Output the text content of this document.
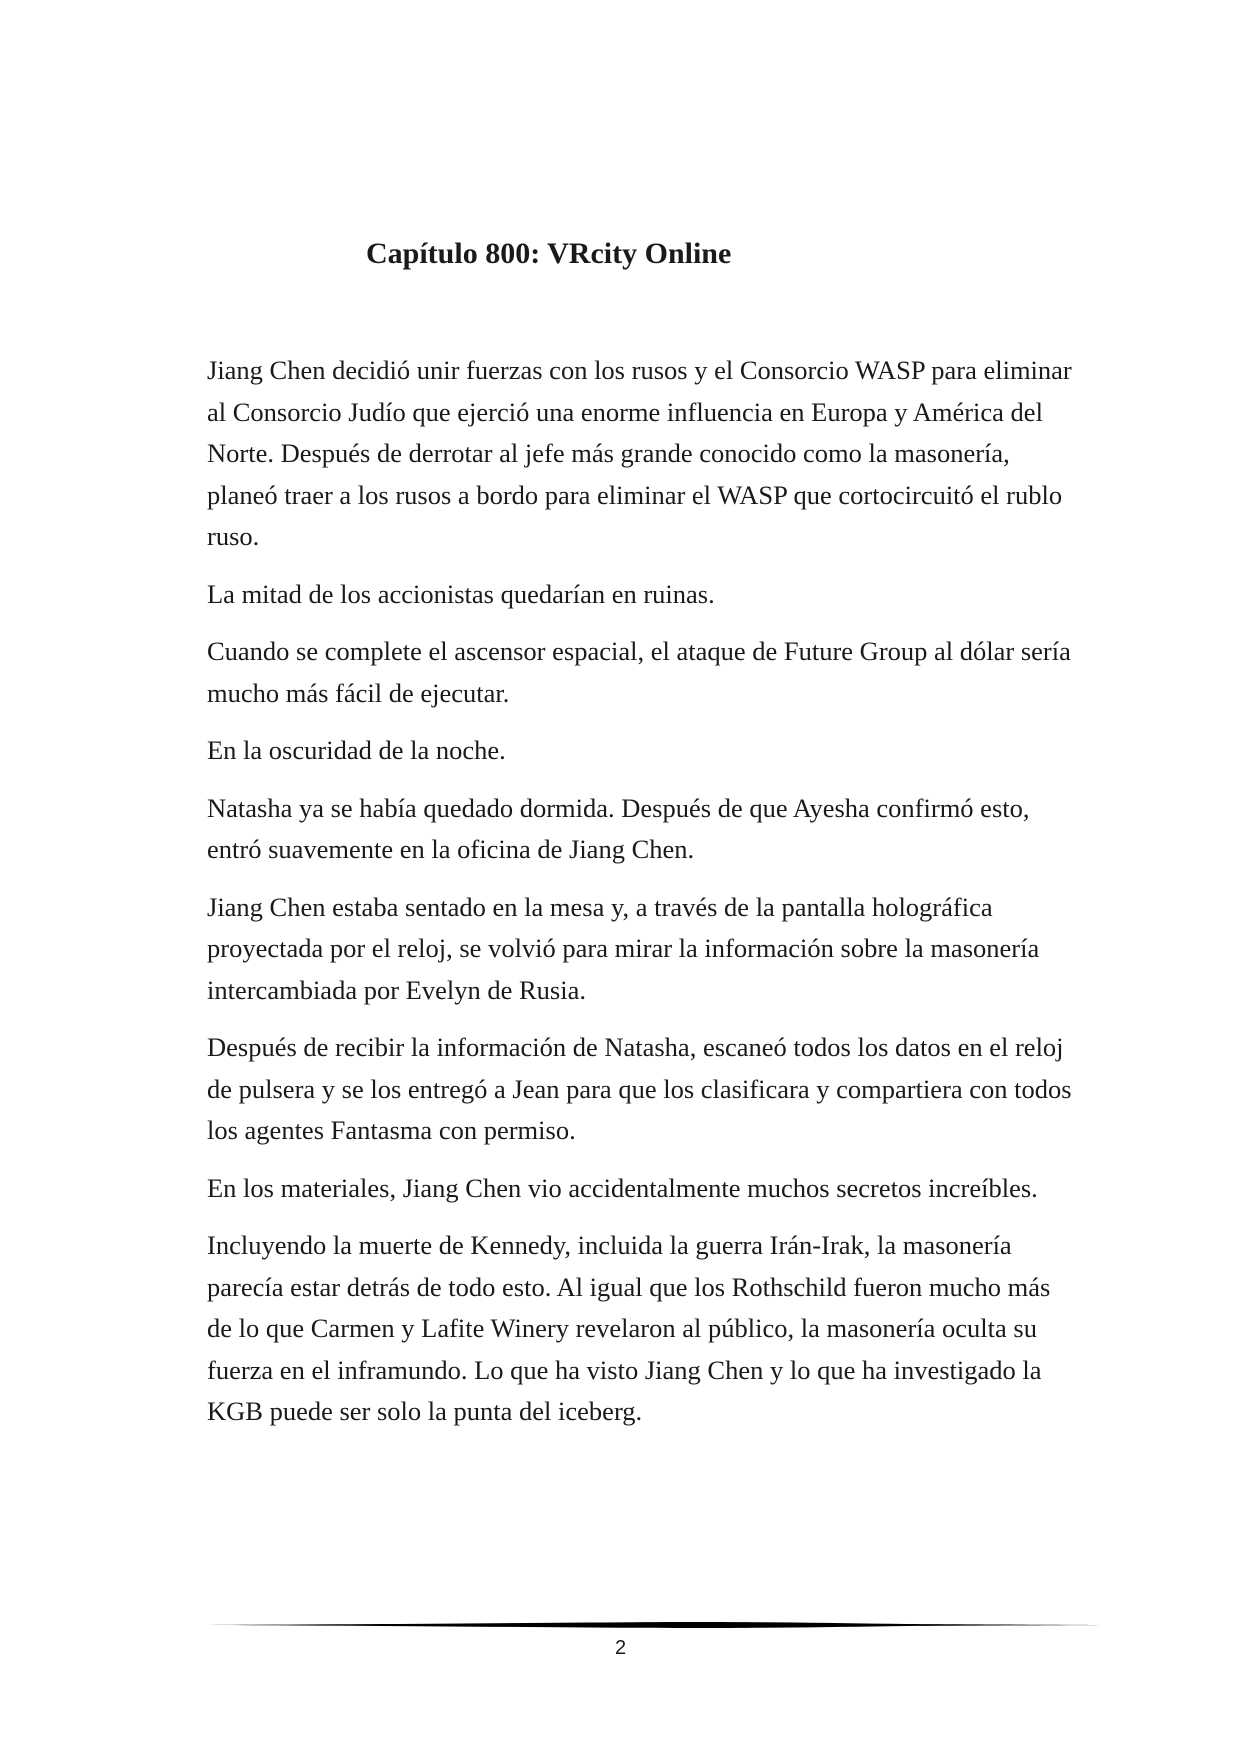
Capítulo 800: VRcity Online

Jiang Chen decidió unir fuerzas con los rusos y el Consorcio WASP para eliminar al Consorcio Judío que ejerció una enorme influencia en Europa y América del Norte. Después de derrotar al jefe más grande conocido como la masonería, planeó traer a los rusos a bordo para eliminar el WASP que cortocircuitó el rublo ruso.

La mitad de los accionistas quedarían en ruinas.

Cuando se complete el ascensor espacial, el ataque de Future Group al dólar sería mucho más fácil de ejecutar.

En la oscuridad de la noche.

Natasha ya se había quedado dormida. Después de que Ayesha confirmó esto, entró suavemente en la oficina de Jiang Chen.

Jiang Chen estaba sentado en la mesa y, a través de la pantalla holográfica proyectada por el reloj, se volvió para mirar la información sobre la masonería intercambiada por Evelyn de Rusia.

Después de recibir la información de Natasha, escaneó todos los datos en el reloj de pulsera y se los entregó a Jean para que los clasificara y compartiera con todos los agentes Fantasma con permiso.

En los materiales, Jiang Chen vio accidentalmente muchos secretos increíbles.

Incluyendo la muerte de Kennedy, incluida la guerra Irán-Irak, la masonería parecía estar detrás de todo esto. Al igual que los Rothschild fueron mucho más de lo que Carmen y Lafite Winery revelaron al público, la masonería oculta su fuerza en el inframundo. Lo que ha visto Jiang Chen y lo que ha investigado la KGB puede ser solo la punta del iceberg.

2
